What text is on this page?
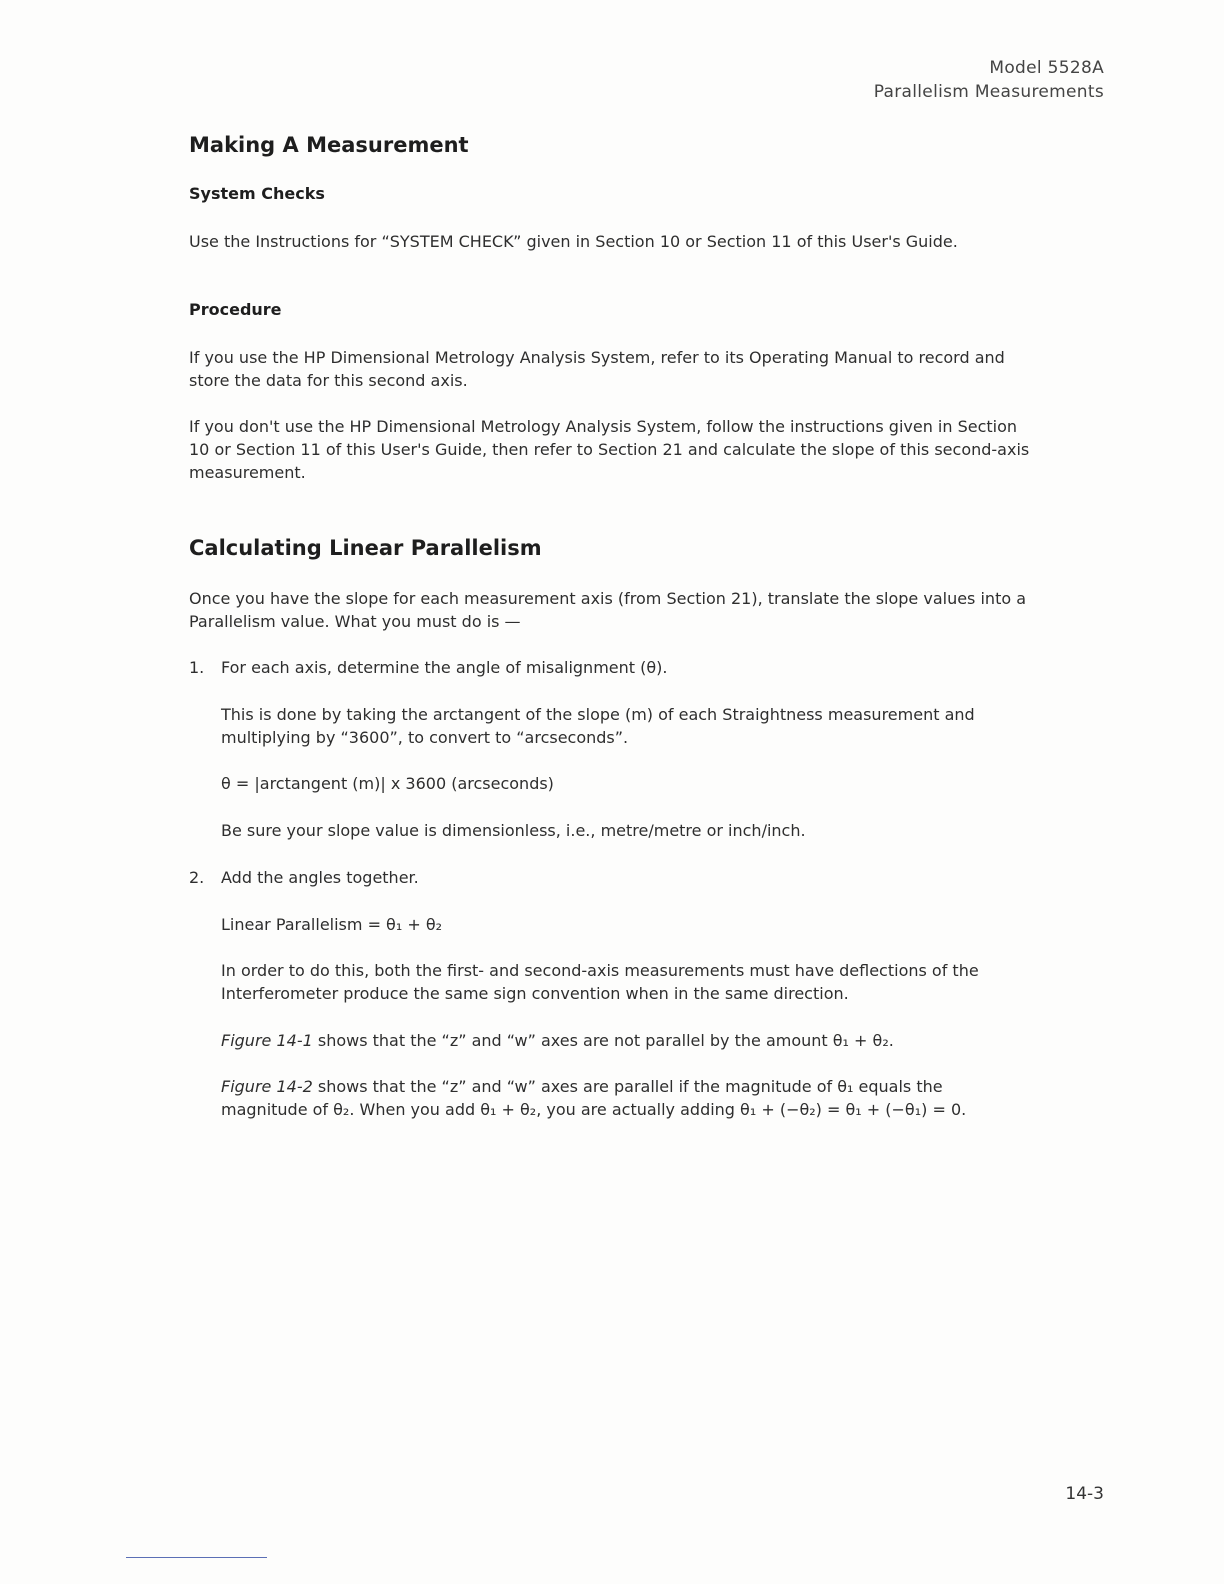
Model 5528A
Parallelism Measurements
Making A Measurement
System Checks
Use the Instructions for “SYSTEM CHECK” given in Section 10 or Section 11 of this User's Guide.
Procedure
If you use the HP Dimensional Metrology Analysis System, refer to its Operating Manual to record and store the data for this second axis.
If you don't use the HP Dimensional Metrology Analysis System, follow the instructions given in Section 10 or Section 11 of this User's Guide, then refer to Section 21 and calculate the slope of this second-axis measurement.
Calculating Linear Parallelism
Once you have the slope for each measurement axis (from Section 21), translate the slope values into a Parallelism value. What you must do is —
1. For each axis, determine the angle of misalignment (θ).
This is done by taking the arctangent of the slope (m) of each Straightness measurement and multiplying by “3600”, to convert to “arcseconds”.
θ = |arctangent (m)| x 3600 (arcseconds)
Be sure your slope value is dimensionless, i.e., metre/metre or inch/inch.
2. Add the angles together.
Linear Parallelism = θ₁ + θ₂
In order to do this, both the first- and second-axis measurements must have deflections of the Interferometer produce the same sign convention when in the same direction.
Figure 14-1 shows that the “z” and “w” axes are not parallel by the amount θ₁ + θ₂.
Figure 14-2 shows that the “z” and “w” axes are parallel if the magnitude of θ₁ equals the magnitude of θ₂. When you add θ₁ + θ₂, you are actually adding θ₁ + (−θ₂) = θ₁ + (−θ₁) = 0.
14-3
